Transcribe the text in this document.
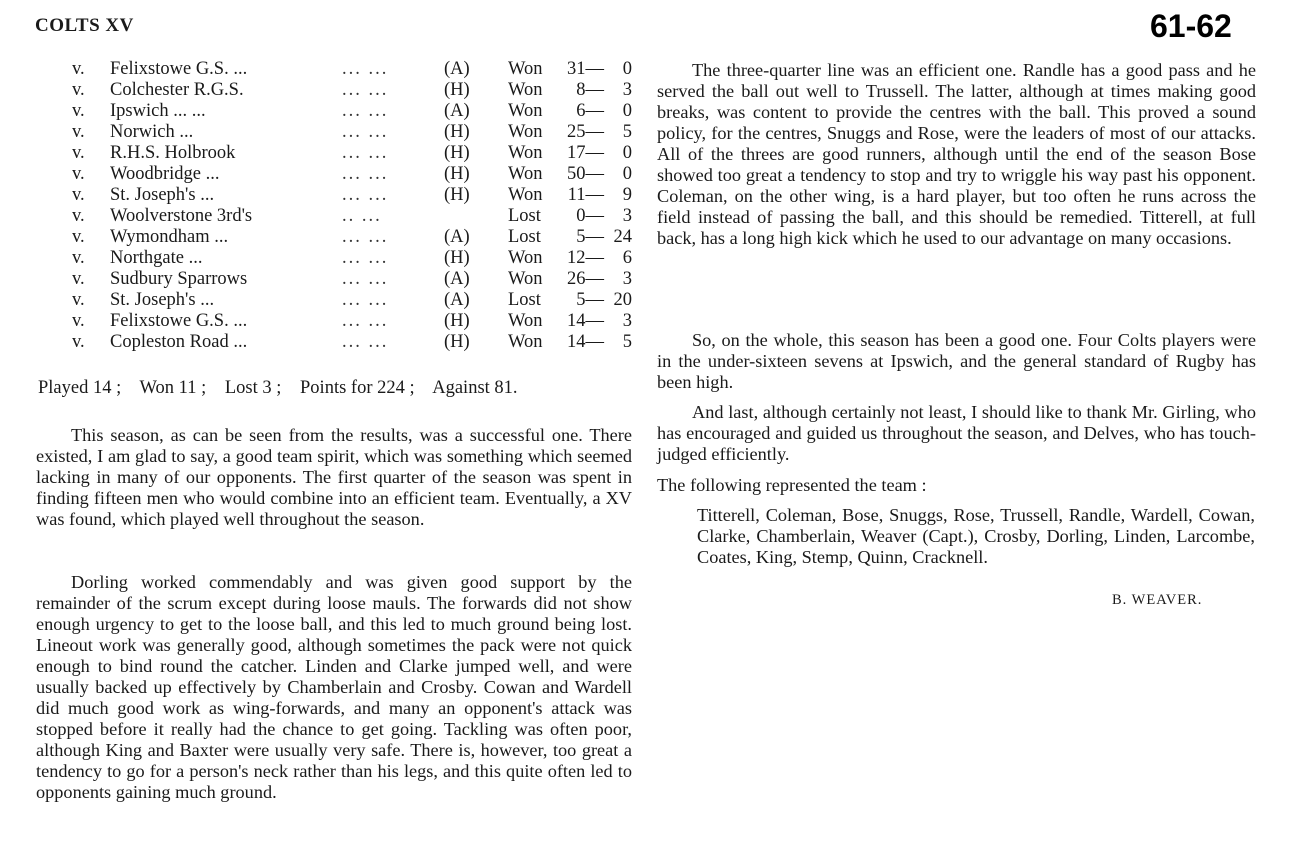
COLTS XV	61-62
v. Felixstowe G.S. ...	... ...	(A) Won 31—	0
v. Colchester R.G.S.	... ...	(H) Won	8—	3
v. Ipswich ... ...	... ...	(A) Won	6—	0
v. Norwich ...	... ...	(H) Won 25—	5
v. R.H.S. Holbrook	... ...	(H) Won 17—	0
v. Woodbridge ...	... ...	(H) Won 50—	0
v. St. Joseph's ...	... ...	(H) Won 11—	9
v. Woolverstone 3rd's	.. ...	Lost	0—	3
v. Wymondham ...	... ...	(A) Lost	5— 24
v. Northgate ...	... ...	(H) Won 12—	6
v. Sudbury Sparrows	... ...	(A) Won 26—	3
v. St. Joseph's ...	... ...	(A) Lost	5— 20
v. Felixstowe G.S. ...	... ...	(H) Won 14—	3
v. Copleston Road ...	... ...	(H) Won 14—	5
Played 14 ; Won 11 ; Lost 3 ; Points for 224 ; Against 81.

This season, as can be seen from the results, was a successful one. There existed, I am glad to say, a good team spirit, which was something which seemed lacking in many of our opponents. The first quarter of the season was spent in finding fifteen men who would combine into an efficient team. Eventually, a XV was found, which played well throughout the season.

Dorling worked commendably and was given good support by the remainder of the scrum except during loose mauls. The forwards did not show enough urgency to get to the loose ball, and this led to much ground being lost. Lineout work was generally good, although sometimes the pack were not quick enough to bind round the catcher. Linden and Clarke jumped well, and were usually backed up effectively by Chamberlain and Crosby. Cowan and Wardell did much good work as wing-forwards, and many an opponent's attack was stopped before it really had the chance to get going. Tackling was often poor, although King and Baxter were usually very safe. There is, however, too great a tendency to go for a person's neck rather than his legs, and this quite often led to opponents gaining much ground.

The three-quarter line was an efficient one. Randle has a good pass and he served the ball out well to Trussell. The latter, although at times making good breaks, was content to provide the centres with the ball. This proved a sound policy, for the centres, Snuggs and Rose, were the leaders of most of our attacks. All of the threes are good runners, although until the end of the season Bose showed too great a tendency to stop and try to wriggle his way past his opponent. Coleman, on the other wing, is a hard player, but too often he runs across the field instead of passing the ball, and this should be remedied. Titterell, at full back, has a long high kick which he used to our advantage on many occasions.

So, on the whole, this season has been a good one. Four Colts players were in the under-sixteen sevens at Ipswich, and the general standard of Rugby has been high.

And last, although certainly not least, I should like to thank Mr. Girling, who has encouraged and guided us throughout the season, and Delves, who has touch-judged efficiently.

The following represented the team :

Titterell, Coleman, Bose, Snuggs, Rose, Trussell, Randle, Wardell, Cowan, Clarke, Chamberlain, Weaver (Capt.), Crosby, Dorling, Linden, Larcombe, Coates, King, Stemp, Quinn, Cracknell.

B. WEAVER.
